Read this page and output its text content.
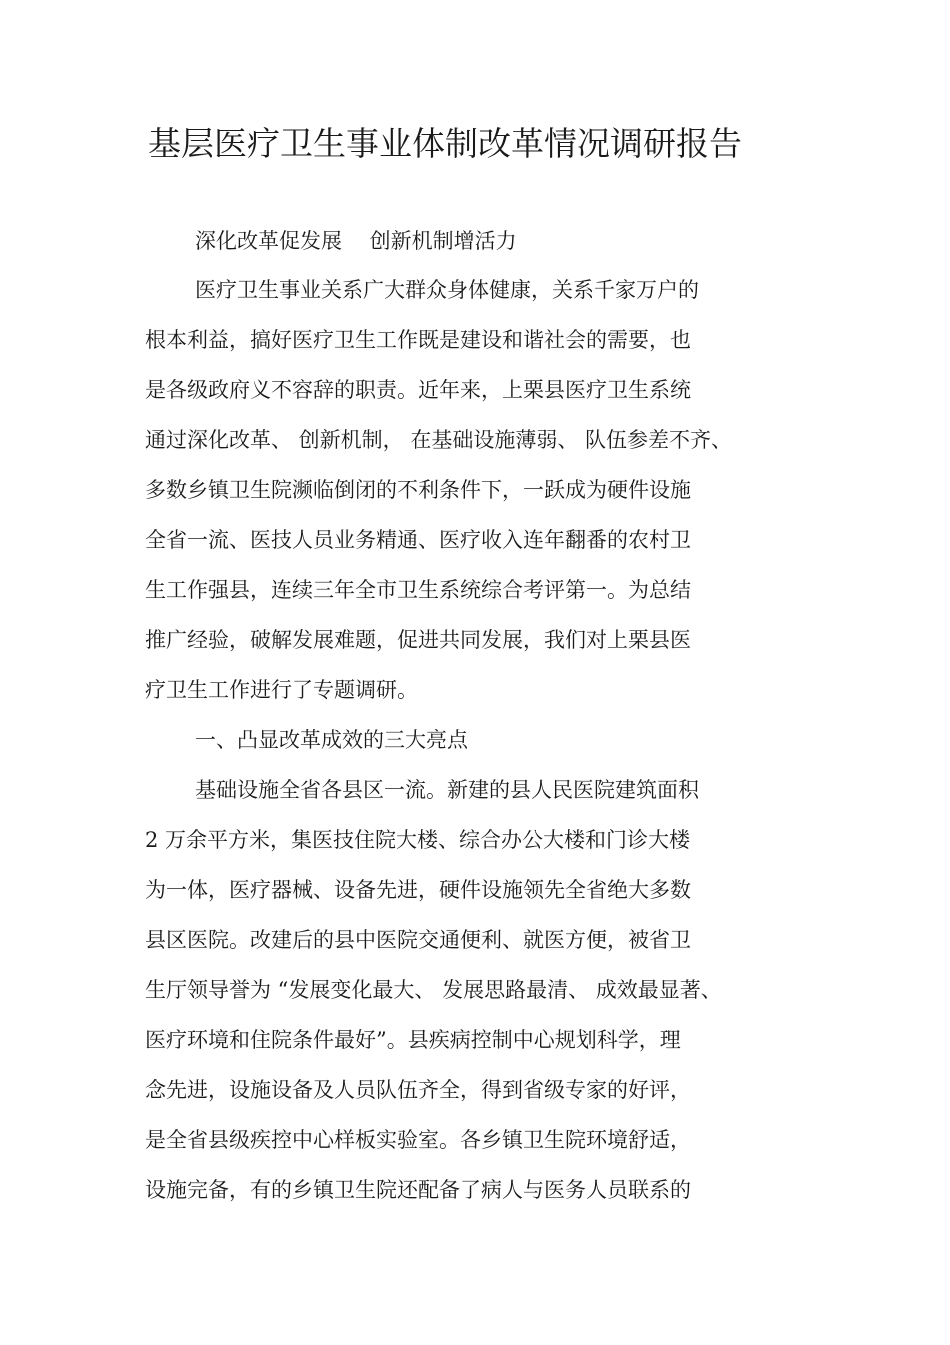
基层医疗卫生事业体制改革情况调研报告

深化改革促发展　 创新机制增活力

医疗卫生事业关系广大群众身体健康，关系千家万户的

根本利益，搞好医疗卫生工作既是建设和谐社会的需要，也

是各级政府义不容辞的职责。近年来，上栗县医疗卫生系统

通过深化改革、 创新机制， 在基础设施薄弱、 队伍参差不齐、

多数乡镇卫生院濒临倒闭的不利条件下，一跃成为硬件设施

全省一流、医技人员业务精通、医疗收入连年翻番的农村卫

生工作强县，连续三年全市卫生系统综合考评第一。为总结

推广经验，破解发展难题，促进共同发展，我们对上栗县医

疗卫生工作进行了专题调研。

一、凸显改革成效的三大亮点

基础设施全省各县区一流。新建的县人民医院建筑面积

2 万余平方米，集医技住院大楼、综合办公大楼和门诊大楼

为一体，医疗器械、设备先进，硬件设施领先全省绝大多数

县区医院。改建后的县中医院交通便利、就医方便，被省卫

生厅领导誉为 “发展变化最大、 发展思路最清、 成效最显著、

医疗环境和住院条件最好”。县疾病控制中心规划科学，理

念先进，设施设备及人员队伍齐全，得到省级专家的好评，

是全省县级疾控中心样板实验室。各乡镇卫生院环境舒适，

设施完备，有的乡镇卫生院还配备了病人与医务人员联系的
